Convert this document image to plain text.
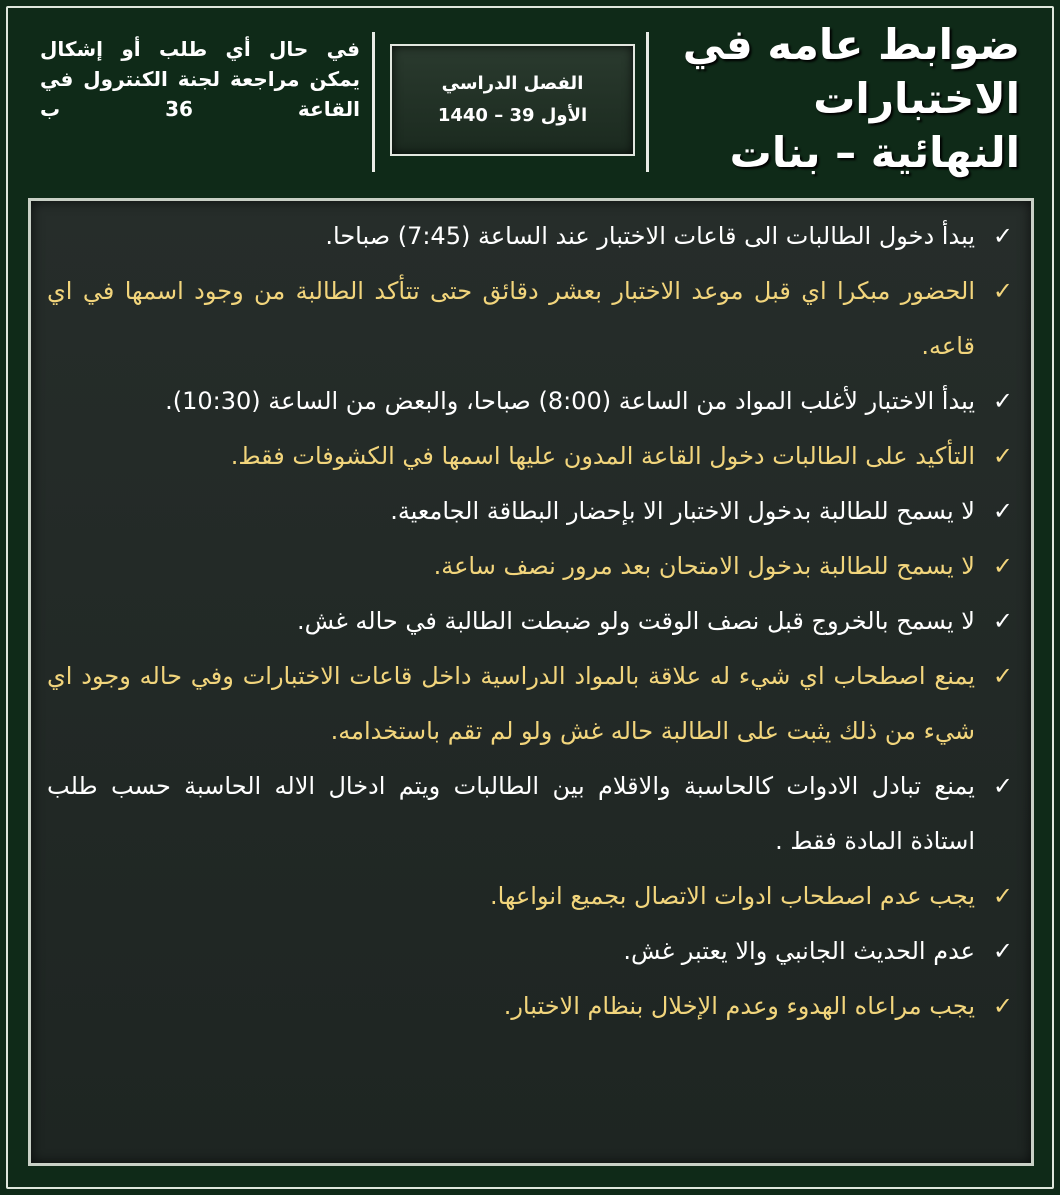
ضوابط عامه في
الاختبارات
النهائية – بنات
الفصل الدراسي
الأول 39 – 1440
في حال أي طلب أو إشكال يمكن مراجعة لجنة الكنترول في القاعة 36 ب
✓
يبدأ دخول الطالبات الى قاعات الاختبار عند الساعة (7:45) صباحا.
✓
الحضور مبكرا اي قبل موعد الاختبار بعشر دقائق حتى تتأكد الطالبة من وجود اسمها في اي قاعه.
✓
يبدأ الاختبار لأغلب المواد من الساعة (8:00) صباحا، والبعض من الساعة (10:30).
✓
التأكيد على الطالبات دخول القاعة المدون عليها اسمها في الكشوفات فقط.
✓
لا يسمح للطالبة بدخول الاختبار الا بإحضار البطاقة الجامعية.
✓
لا يسمح للطالبة بدخول الامتحان بعد مرور نصف ساعة.
✓
لا يسمح بالخروج قبل نصف الوقت ولو ضبطت الطالبة في حاله غش.
✓
يمنع اصطحاب اي شيء له علاقة بالمواد الدراسية داخل قاعات الاختبارات وفي حاله وجود اي شيء من ذلك يثبت على الطالبة حاله غش ولو لم تقم باستخدامه.
✓
يمنع تبادل الادوات كالحاسبة والاقلام بين الطالبات ويتم ادخال الاله الحاسبة حسب طلب استاذة المادة فقط .
✓
يجب عدم اصطحاب ادوات الاتصال بجميع انواعها.
✓
عدم الحديث الجانبي والا يعتبر غش.
✓
يجب مراعاه الهدوء وعدم الإخلال بنظام الاختبار.
